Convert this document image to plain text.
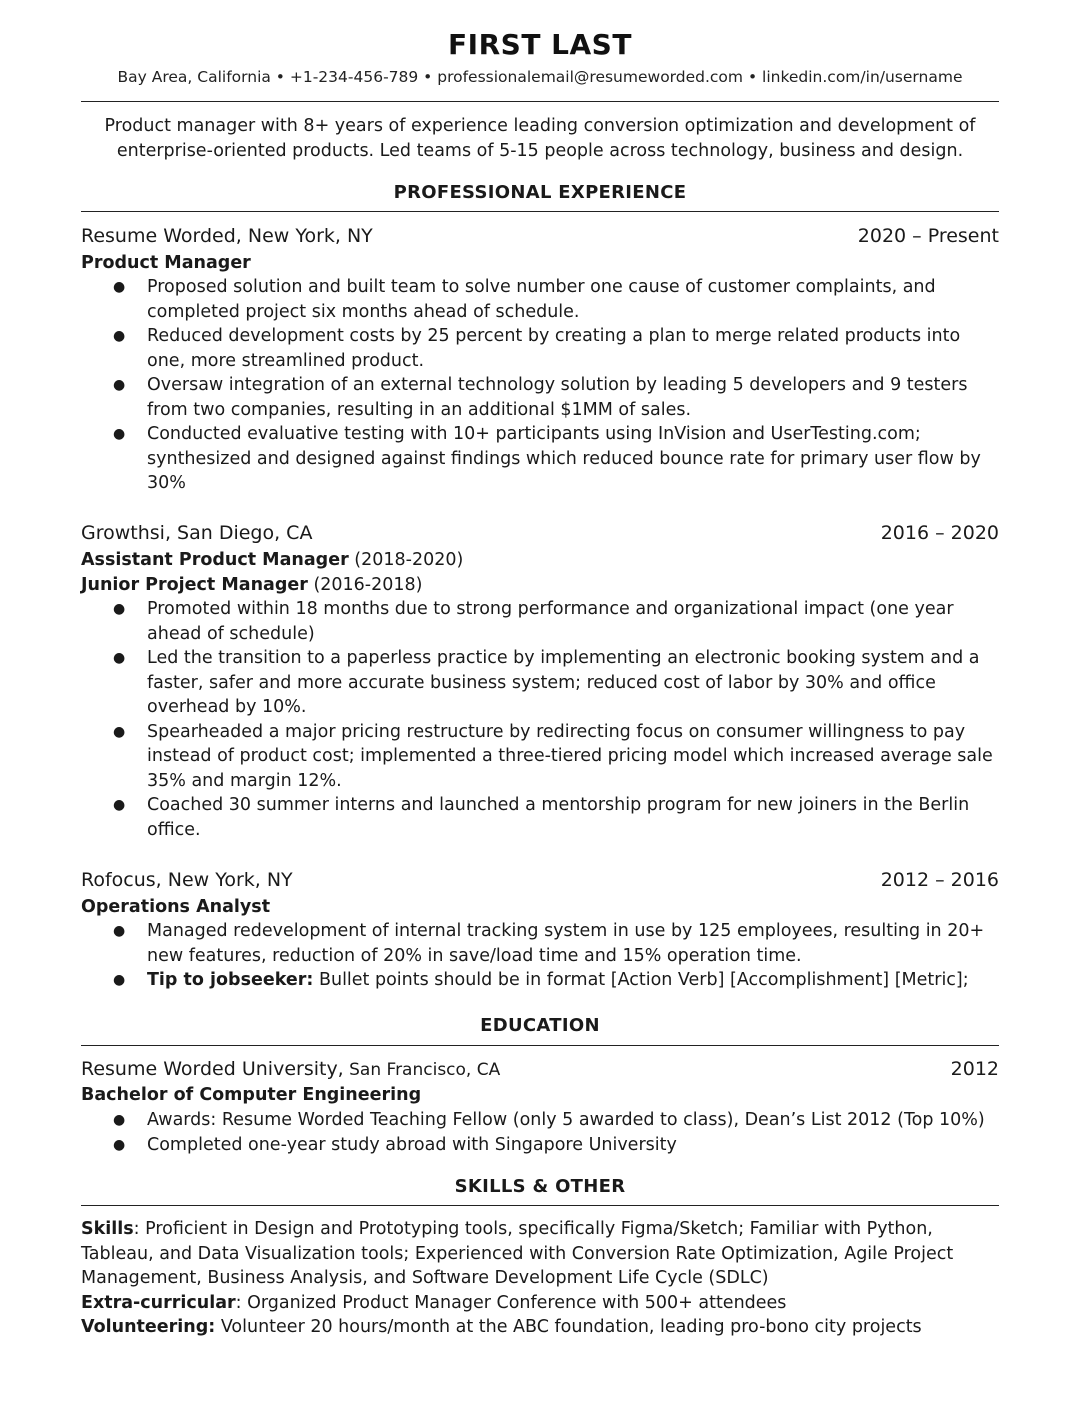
FIRST LAST
Bay Area, California • +1-234-456-789 • professionalemail@resumeworded.com • linkedin.com/in/username
Product manager with 8+ years of experience leading conversion optimization and development of enterprise-oriented products. Led teams of 5-15 people across technology, business and design.
PROFESSIONAL EXPERIENCE
Resume Worded, New York, NY	2020 – Present
Product Manager
● Proposed solution and built team to solve number one cause of customer complaints, and completed project six months ahead of schedule.
● Reduced development costs by 25 percent by creating a plan to merge related products into one, more streamlined product.
● Oversaw integration of an external technology solution by leading 5 developers and 9 testers from two companies, resulting in an additional $1MM of sales.
● Conducted evaluative testing with 10+ participants using InVision and UserTesting.com; synthesized and designed against findings which reduced bounce rate for primary user flow by 30%
Growthsi, San Diego, CA	2016 – 2020
Assistant Product Manager (2018-2020)
Junior Project Manager (2016-2018)
● Promoted within 18 months due to strong performance and organizational impact (one year ahead of schedule)
● Led the transition to a paperless practice by implementing an electronic booking system and a faster, safer and more accurate business system; reduced cost of labor by 30% and office overhead by 10%.
● Spearheaded a major pricing restructure by redirecting focus on consumer willingness to pay instead of product cost; implemented a three-tiered pricing model which increased average sale 35% and margin 12%.
● Coached 30 summer interns and launched a mentorship program for new joiners in the Berlin office.
Rofocus, New York, NY	2012 – 2016
Operations Analyst
● Managed redevelopment of internal tracking system in use by 125 employees, resulting in 20+ new features, reduction of 20% in save/load time and 15% operation time.
● Tip to jobseeker: Bullet points should be in format [Action Verb] [Accomplishment] [Metric];
EDUCATION
Resume Worded University, San Francisco, CA	2012
Bachelor of Computer Engineering
● Awards: Resume Worded Teaching Fellow (only 5 awarded to class), Dean’s List 2012 (Top 10%)
● Completed one-year study abroad with Singapore University
SKILLS & OTHER

Skills: Proficient in Design and Prototyping tools, specifically Figma/Sketch; Familiar with Python, Tableau, and Data Visualization tools; Experienced with Conversion Rate Optimization, Agile Project Management, Business Analysis, and Software Development Life Cycle (SDLC)

Extra-curricular: Organized Product Manager Conference with 500+ attendees

Volunteering: Volunteer 20 hours/month at the ABC foundation, leading pro-bono city projects
